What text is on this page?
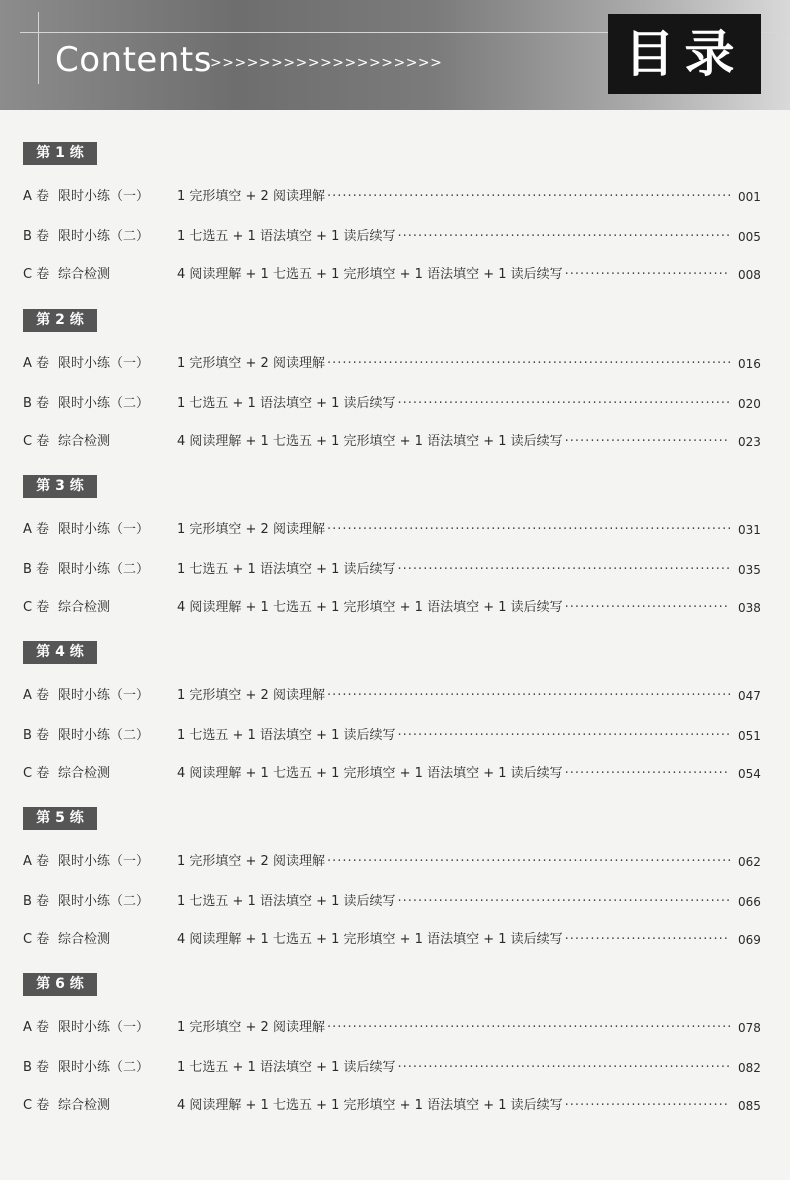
Contents
>>>>>>>>>>>>>>>>>>>	目录
第 1 练
A 卷 限时小练（一） 1 完形填空 + 2 阅读理解 ·····	001
B 卷 限时小练（二） 1 七选五 + 1 语法填空 + 1 读后续写 ·····	005
C 卷 综合检测	4 阅读理解 + 1 七选五 + 1 完形填空 + 1 语法填空 + 1 读后续写 ·····	008
第 2 练
A 卷 限时小练（一） 1 完形填空 + 2 阅读理解 ·····	016
B 卷 限时小练（二） 1 七选五 + 1 语法填空 + 1 读后续写 ·····	020
C 卷 综合检测	4 阅读理解 + 1 七选五 + 1 完形填空 + 1 语法填空 + 1 读后续写 ·····	023
第 3 练
A 卷 限时小练（一） 1 完形填空 + 2 阅读理解 ·····	031
B 卷 限时小练（二） 1 七选五 + 1 语法填空 + 1 读后续写 ·····	035
C 卷 综合检测	4 阅读理解 + 1 七选五 + 1 完形填空 + 1 语法填空 + 1 读后续写 ·····	038
第 4 练
A 卷 限时小练（一） 1 完形填空 + 2 阅读理解 ·····	047
B 卷 限时小练（二） 1 七选五 + 1 语法填空 + 1 读后续写 ·····	051
C 卷 综合检测	4 阅读理解 + 1 七选五 + 1 完形填空 + 1 语法填空 + 1 读后续写 ·····	054
第 5 练
A 卷 限时小练（一） 1 完形填空 + 2 阅读理解 ·····	062
B 卷 限时小练（二） 1 七选五 + 1 语法填空 + 1 读后续写 ·····	066
C 卷 综合检测	4 阅读理解 + 1 七选五 + 1 完形填空 + 1 语法填空 + 1 读后续写 ·····	069
第 6 练
A 卷 限时小练（一） 1 完形填空 + 2 阅读理解 ·····	078
B 卷 限时小练（二） 1 七选五 + 1 语法填空 + 1 读后续写 ·····	082
C 卷 综合检测	4 阅读理解 + 1 七选五 + 1 完形填空 + 1 语法填空 + 1 读后续写 ·····	085
